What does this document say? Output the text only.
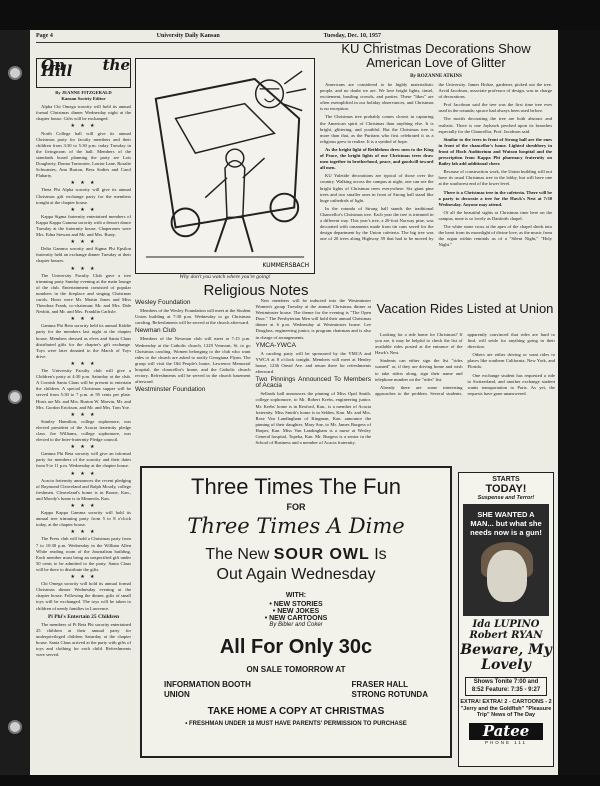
Page 4	University Daily Kansan	Tuesday, Dec. 10, 1957
On the Hill
By JEANNE FITZGERALD
Kansan Society Editor

Alpha Chi Omega sorority will hold its annual formal Christmas dinner Wednesday night at the chapter house. Gifts will be exchanged.

★ ★ ★

North College hall will give its annual Christmas party for faculty members and their children from 3:30 to 5:30 p.m. today Tuesday in the livingroom of the hall. Members of the standards board planning the party are Lois Dougherty, Donna Turnwater, Louise Lane, Rosalie Schwantes, Ann Burton, Bess Sodies and Carol Flaharty.

★ ★ ★

Theta Phi Alpha sorority will give its annual Christmas gift exchange party for the members tonight at the chapter house.

★ ★ ★

Kappa Sigma fraternity entertained members of Kappa Kappa Gamma sorority with a dessert dance Tuesday at the fraternity house. Chaperones were Mrs. Edna Stewart and Mr. and Mrs. Rusty.

★ ★ ★

Delta Gamma sorority and Sigma Phi Epsilon fraternity held an exchange dinner Tuesday at their chapter houses.

★ ★ ★

The University Faculty Club gave a tree trimming party Sunday evening at the main lounge of the club. Entertainment consisted of popular numbers in the fireplace and singing Christmas carols. Hosts were Mr. Martin Jones and Miss Theodora Frank, co-chairman; Mr. and Mrs. Dale Nesbitt, and Mr. and Mrs. Franklin Carlisle.

★ ★ ★

Gamma Phi Beta sorority held its annual Kiddie party for the members last night at the chapter house. Members dressed as elves and Santa Claus distributed gifts for the chapter's gift exchange. Toys were later donated to the March of Toys drive.

★ ★ ★

The University Faculty club will give a Children's party at 4:30 p.m. Saturday at the club. A Cornish Santa Claus will be present to entertain the children. A special Christmas supper will be served from 5:30 to 7 p.m. at 95 cents per plate. Hosts are Mr. and Mrs. Burton W. Marvin, Mr. and Mrs. Gordon Erickson, and Mr. and Mrs. Tom Yoe.

★ ★ ★

Stanley Hamilton, college sophomore, was elected president of the Acacia fraternity pledge class. Joe Williams, college sophomore, was elected to the Inter-fraternity Pledge council.

★ ★ ★

Gamma Phi Beta sorority will give an informal party for members of the sorority and their dates from 9 to 11 p.m. Wednesday at the chapter house.

★ ★ ★

Acacia fraternity announces the recent pledging of Raymond Cleaveland and Ralph Moody, college freshmen. Cleaveland's home is in Boone, Kan., and Moody's home is in Minneola, Kan.

★ ★ ★

Kappa Kappa Gamma sorority will hold its annual tree trimming party from 5 to 8 o'clock today, at the chapter house.

★ ★ ★

The Press club will hold a Christmas party from 7 to 10:30 p.m. Wednesday in the William Allen White reading room of the Journalism building. Each member must bring an unspecified gift under 50 cents to be admitted to the party. Santa Claus will be there to distribute the gifts.

★ ★ ★

Chi Omega sorority will hold its annual formal Christmas dinner Wednesday evening at the chapter house. Following the dinner, gifts of small toys will be exchanged. The toys will be taken to children of needy families in Lawrence.

Pi Phi's Entertain 25 Children

The members of Pi Beta Phi sorority entertained 25 children at their annual party for underprivileged children Saturday at the chapter house. Santa Claus arrived at the party with gifts of toys and clothing for each child. Refreshments were served.

KUMMERSBACH
Why don't you watch where you're going!
KU Christmas Decorations Show American Love of Glitter
By ROZANNE ATKINS

Americans are considered to be highly materialistic people, and no doubt we are. We love bright lights, tinsel, excitement, bustling crowds, and parties. These "likes" are often exemplified in our holiday observances, and Christmas is no exception.

The Christmas tree probably comes closest in capturing the American spirit of Christmas than anything else. It is bright, glittering, and youthful. But the Christmas tree is more than that, as the Puritans who first celebrated it as a religious grew to realize. It is a symbol of hope.

As the bright light of Bethlehem drew men to the King of Peace, the bright lights of our Christmas trees draw men together in brotherhood, peace, and goodwill toward all men.

KU Yuletide decorations are typical of those over the country. Walking across the campus at night, one can see the bright lights of Christmas trees everywhere. Six giant pine trees and two smaller ones in front of Strong hall stand like huge cathedrals of light.

In the rotunda of Strong hall stands the traditional Chancellor's Christmas tree. Each year the tree is trimmed in a different way. This year's tree, a 20-foot Norway pine, was decorated with ornaments made from tin cans saved for the design department by the Union cafeteria. The big tree was one of 20 trees along Highway 59 that had to be moved by the University. James Holtze, gardener, picked out the tree. Arvid Jacobson, associate professor of design, was in charge of decorations.

Prof Jacobson said the tree was the first time tree ever used in the rotunda; spruce had always been used before.

The motifs decorating the tree are both abstract and realistic. There is one Jayhawk perched upon its branches especially for the Chancellor, Prof. Jacobson said.

Similar to the trees in front of Strong hall are the ones in front of the chancellor's home. Lighted shrubbery in front of Hoch Auditorium and Watson hospital and the prescription from Kappa Phi pharmacy fraternity on Bailey lab add additional cheer.

Because of construction work, the Union building will not have its usual Christmas tree in the lobby, but will have one at the southwest end of the lower level.

There is a Christmas tree in the cafeteria. There will be a party to decorate a tree for the Hawk's Nest at 7:30 Wednesday. Anyone may attend.

Of all the beautiful sights at Christmas time here on the campus, none is so lovely as Danforth chapel.

The white stone cross at the apex of the chapel sheds into the heart from its moonlight of divine love, as the music from the organ within reminds us of a "Silent Night," "Holy Night."

Religious Notes
Wesley Foundation

Members of the Wesley Foundation will meet at the Student Union building at 7:30 p.m. Wednesday to go Christmas caroling. Refreshments will be served at the church afterward.

Newman Club

Members of the Newman club will meet at 7:15 p.m. Wednesday at the Catholic church, 1229 Vermont, St. to go Christmas caroling. Women belonging to the club who want rides to the church are asked to notify Georgiana Flynn. The group will visit the Old People's home, Lawrence Memorial hospital, the chancellor's home, and the Catholic church rectory. Refreshments will be served in the church basement afterward.

Westminster Foundation

New members will be inducted into the Westminster Women's group Tuesday at the annual Christmas dinner at Westminster house. The theme for the evening is "The Open Door." The Presbyterian Men will hold their annual Christmas dinner at 6 p.m. Wednesday at Westminster house. Lee Douglass, engineering junior, is program chairman and is also in charge of arrangements.

YMCA-YWCA

A caroling party will be sponsored by the YMCA and YWCA at 8 o'clock tonight. Members will meet at Henley house, 1236 Oread Ave. and return there for refreshments afterward.

Two Pinnings Announced To Members of Acacia

Sellards hall announces the pinning of Miss Opal Smith, college sophomore, to Mr. Robert Krebs, engineering junior. Mr. Krebs' home is in Rexford, Kan., is a member of Acacia fraternity. Miss Smith's home is in Selden, Kan. Mr. and Mrs. Rose Van Landingham of Kingman, Kan. announce the pinning of their daughter, Mary Sue, to Mr. James Burgess of Harper, Kan. Miss Van Landingham is a nurse at Wesley General hospital, Topeka, Kan. Mr. Burgess is a senior in the School of Business and a member of Acacia fraternity.

Vacation Rides Listed at Union

Looking for a ride home for Christmas? If you are, it may be helpful to check the list of available rides posted at the entrance of the Hawk's Nest.

Students can either sign the list "rides wanted" or, if they are driving home and wish to take riders along, sign their name and telephone number on the "rides" list.

Already there are some interesting approaches to the problem. Several students, apparently convinced that rides are hard to find, will settle for anything going in their direction.

Others are either driving or want rides to places like southern California, New York, and Florida.

One exchange student has requested a ride to Switzerland, and another exchange student wants transportation to Paris. As yet, the requests have gone unanswered.

Three Times The Fun
FOR
Three Times A Dime
The New SOUR OWL Is
Out Again Wednesday
WITH:
• NEW STORIES
• NEW JOKES
• NEW CARTOONS
By Bibler and Coker
All For Only 30c
ON SALE TOMORROW AT
INFORMATION BOOTH
UNION
FRASER HALL
STRONG ROTUNDA
TAKE HOME A COPY AT CHRISTMAS
• FRESHMAN UNDER 18 MUST HAVE PARENTS' PERMISSION TO PURCHASE
STARTS
TODAY!
Suspense and Terror!
SHE WANTED A MAN... but what she needs now is a gun!
Ida LUPINO
Robert RYAN
Beware, My Lovely
Shows Tonite 7:00 and 8:52 Feature: 7:35 - 9:27
EXTRA! EXTRA! 2 - CARTOONS - 2 "Jerry and the Goldfish" "Pleasure Trip" News of The Day
Patee
PHONE 111
